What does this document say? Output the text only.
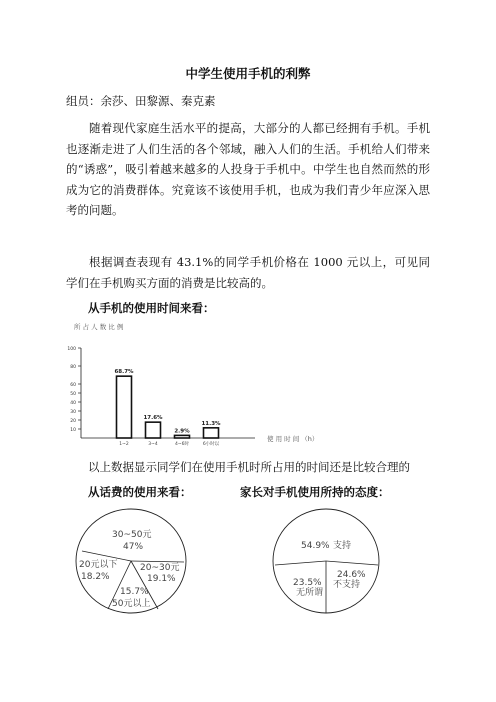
中学生使用手机的利弊
组员：余莎、田黎源、秦克素

随着现代家庭生活水平的提高，大部分的人都已经拥有手机。手机也逐渐走进了人们生活的各个邻域，融入人们的生活。手机给人们带来的“诱惑”，吸引着越来越多的人投身于手机中。中学生也自然而然的形成为它的消费群体。究竟该不该使用手机，也成为我们青少年应深入思考的问题。

根据调查表现有 43.1%的同学手机价格在 1000 元以上，可见同学们在手机购买方面的消费是比较高的。

从手机的使用时间来看：
所 占 人 数 比 例
10
20
30
40
50
60
80
100
68.7%
1~2
17.6%
3~4
2.9%
4~6时
11.3%
6小时以
使 用 时 间 （h）
以上数据显示同学们在使用手机时所占用的时间还是比较合理的
从话费的使用来看：	家长对手机使用所持的态度：
30~50元
47%
20~30元
19.1%
15.7%
50元以上
20元以下
18.2%
54.9% 支持
24.6%
不支持
23.5%
无所谓
